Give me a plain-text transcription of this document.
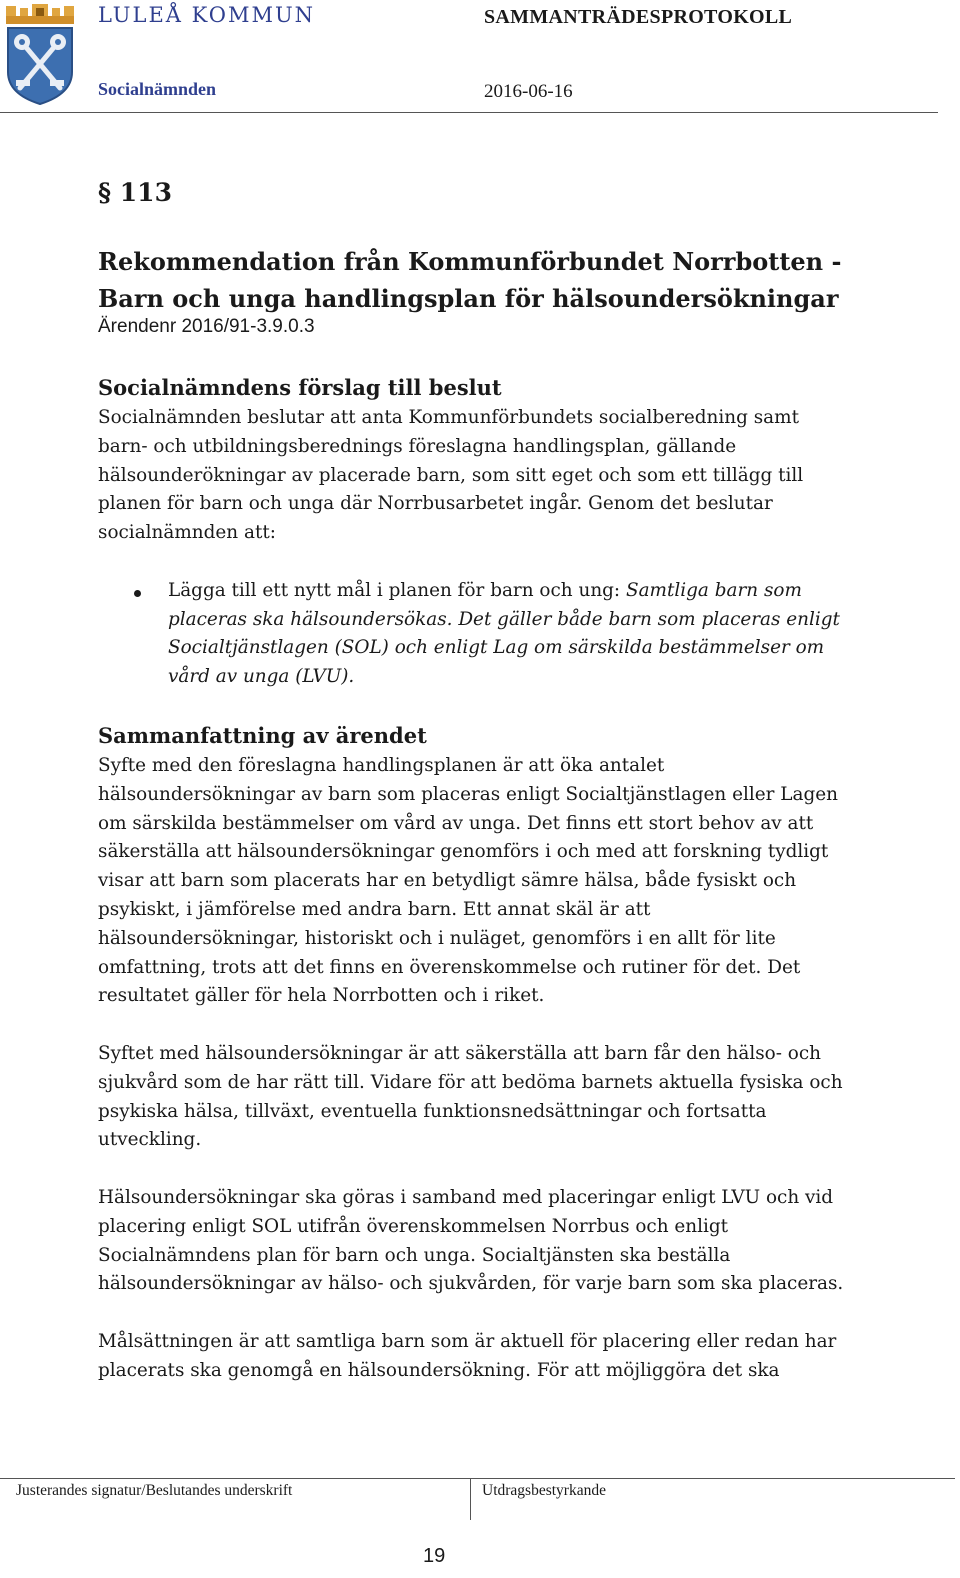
LULEÅ KOMMUN	SAMMANTRÄDESPROTOKOLL
Socialnämnden	2016-06-16
§ 113
Rekommendation från Kommunförbundet Norrbotten -
Barn och unga handlingsplan för hälsoundersökningar
Ärendenr 2016/91-3.9.0.3
Socialnämndens förslag till beslut

Socialnämnden beslutar att anta Kommunförbundets socialberedning samt barn- och utbildningsberednings föreslagna handlingsplan, gällande hälsounderökningar av placerade barn, som sitt eget och som ett tillägg till planen för barn och unga där Norrbusarbetet ingår. Genom det beslutar socialnämnden att:

Lägga till ett nytt mål i planen för barn och ung: Samtliga barn som placeras ska hälsoundersökas. Det gäller både barn som placeras enligt Socialtjänstlagen (SOL) och enligt Lag om särskilda bestämmelser om vård av unga (LVU).
Sammanfattning av ärendet

Syfte med den föreslagna handlingsplanen är att öka antalet hälsoundersökningar av barn som placeras enligt Socialtjänstlagen eller Lagen om särskilda bestämmelser om vård av unga. Det finns ett stort behov av att säkerställa att hälsoundersökningar genomförs i och med att forskning tydligt visar att barn som placerats har en betydligt sämre hälsa, både fysiskt och psykiskt, i jämförelse med andra barn. Ett annat skäl är att hälsoundersökningar, historiskt och i nuläget, genomförs i en allt för lite omfattning, trots att det finns en överenskommelse och rutiner för det. Det resultatet gäller för hela Norrbotten och i riket.

Syftet med hälsoundersökningar är att säkerställa att barn får den hälso- och sjukvård som de har rätt till. Vidare för att bedöma barnets aktuella fysiska och psykiska hälsa, tillväxt, eventuella funktionsnedsättningar och fortsatta utveckling.

Hälsoundersökningar ska göras i samband med placeringar enligt LVU och vid placering enligt SOL utifrån överenskommelsen Norrbus och enligt Socialnämndens plan för barn och unga. Socialtjänsten ska beställa hälsoundersökningar av hälso- och sjukvården, för varje barn som ska placeras.

Målsättningen är att samtliga barn som är aktuell för placering eller redan har placerats ska genomgå en hälsoundersökning. För att möjliggöra det ska

Justerandes signatur/Beslutandes underskrift	Utdragsbestyrkande
19
